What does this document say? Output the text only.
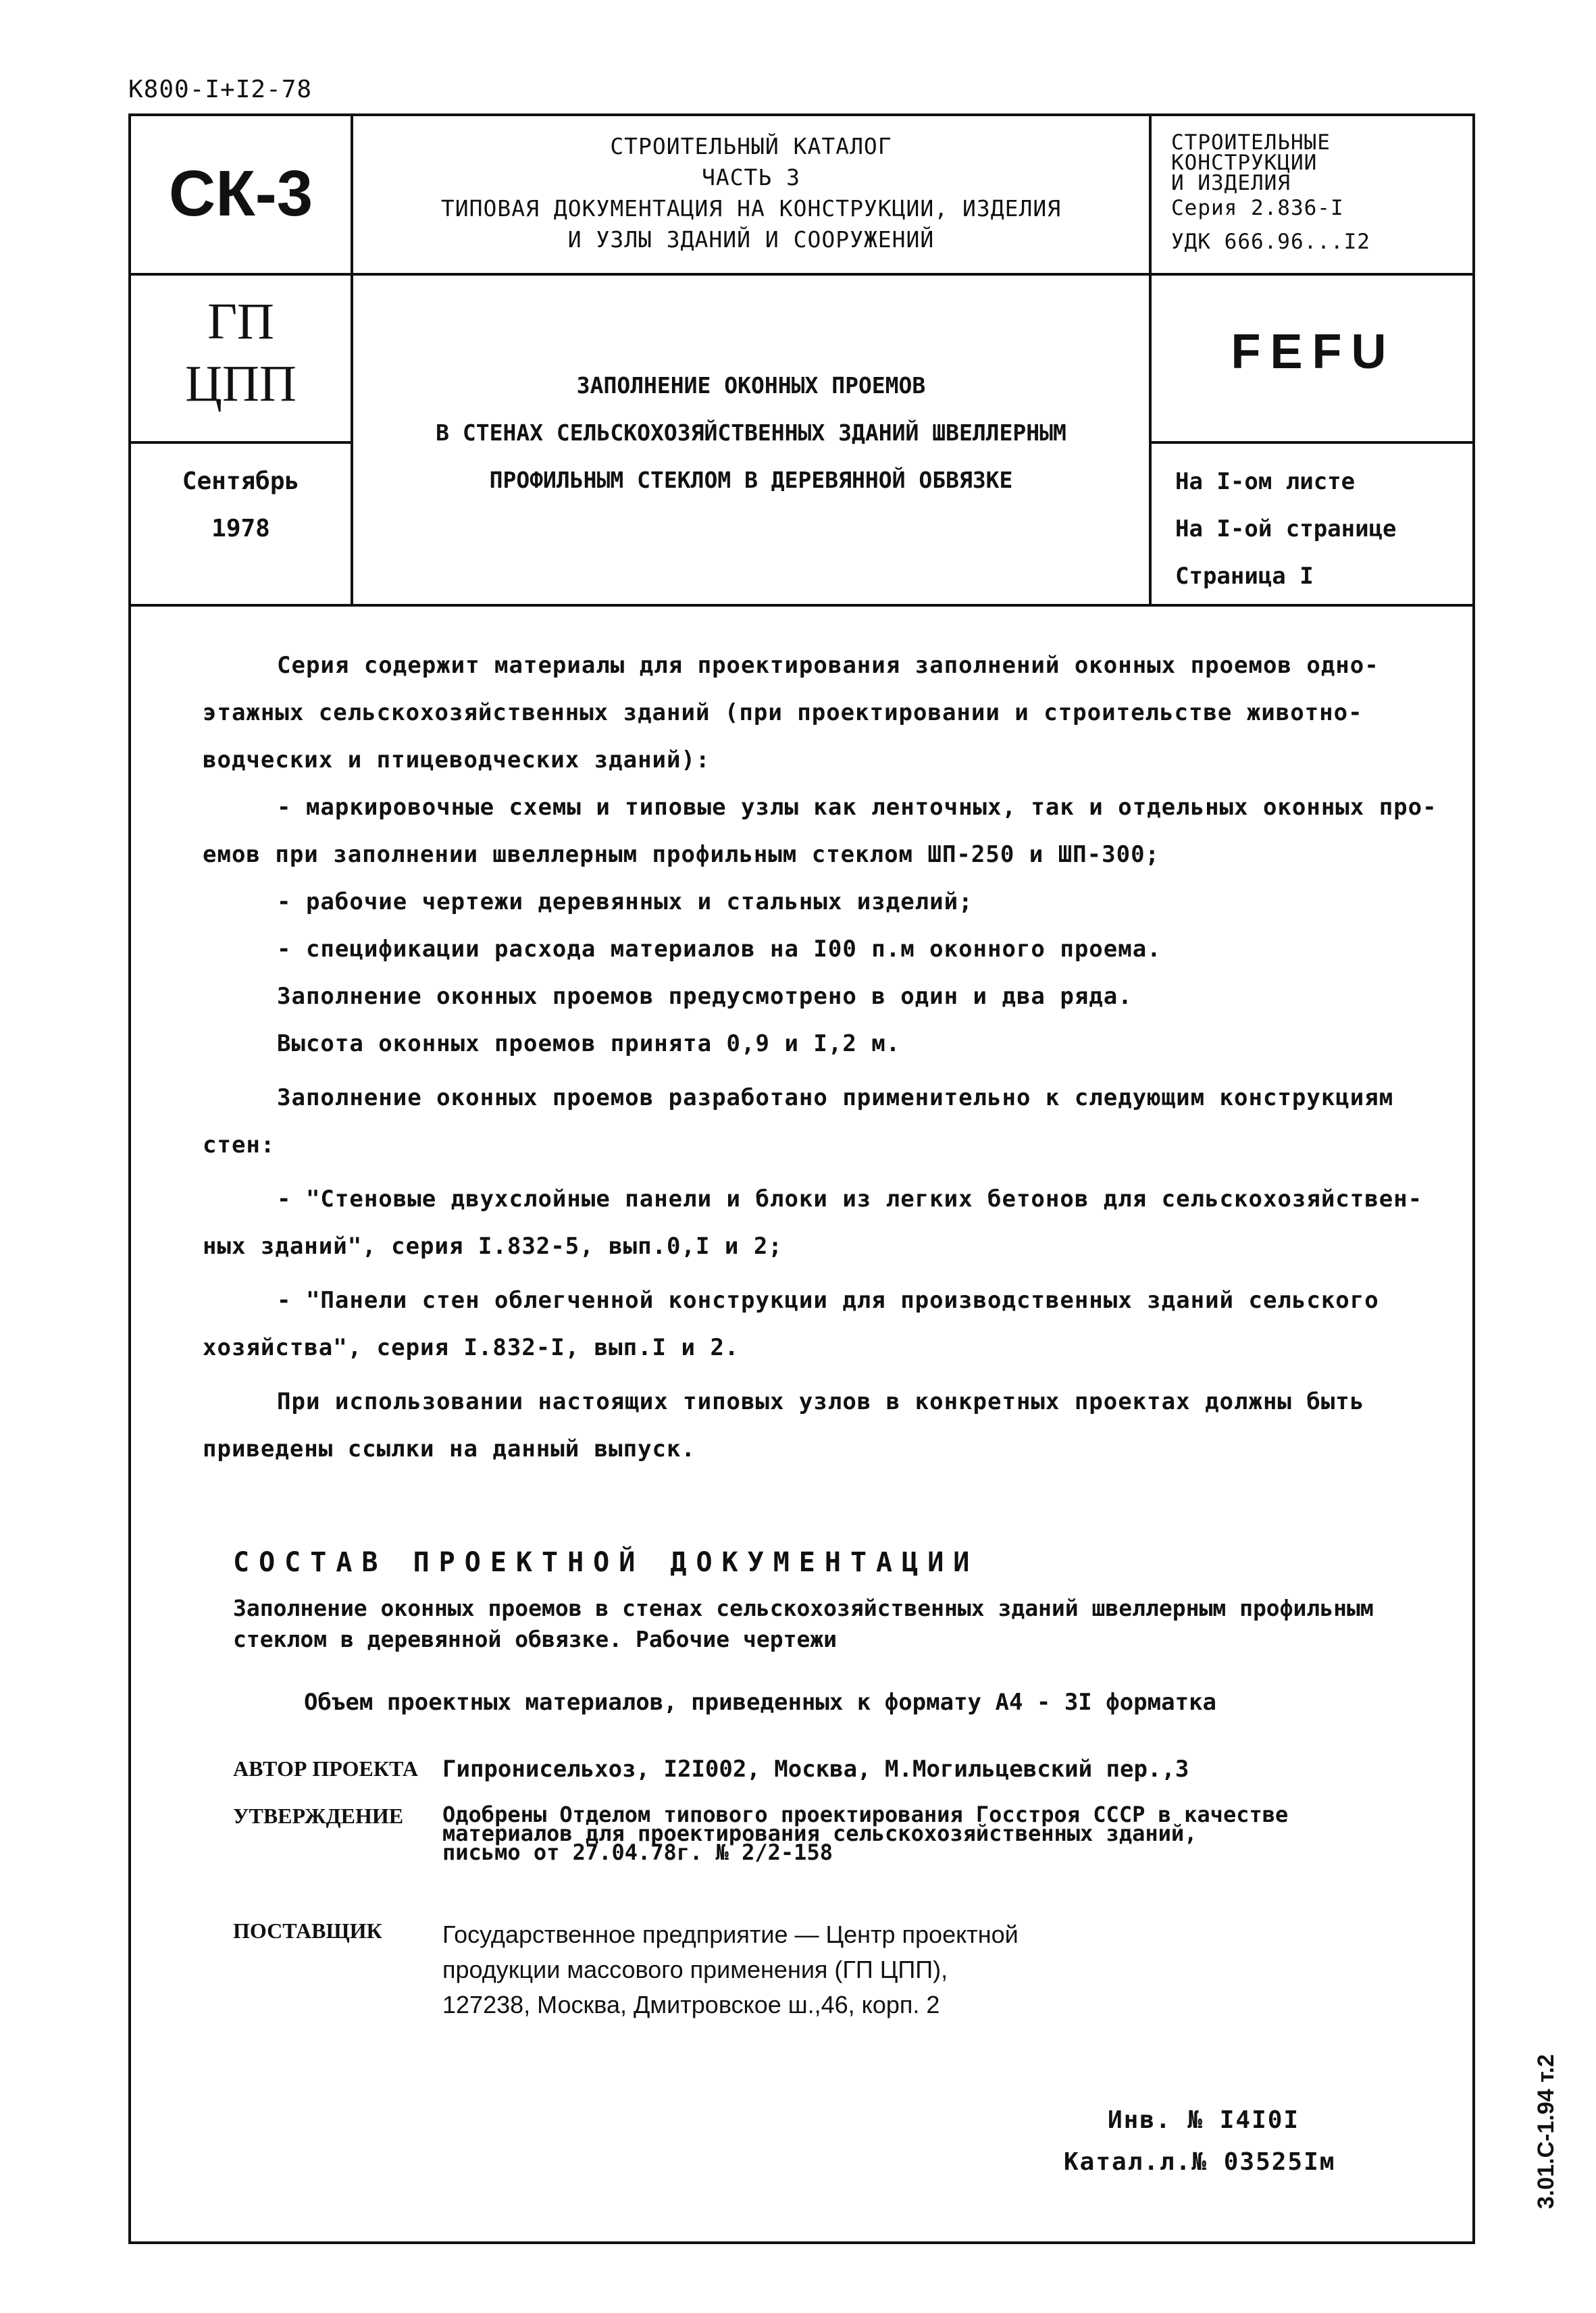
К800-I+I2-78
СК-3
СТРОИТЕЛЬНЫЙ КАТАЛОГ
ЧАСТЬ 3
ТИПОВАЯ ДОКУМЕНТАЦИЯ НА КОНСТРУКЦИИ, ИЗДЕЛИЯ
И УЗЛЫ ЗДАНИЙ И СООРУЖЕНИЙ
СТРОИТЕЛЬНЫЕ
КОНСТРУКЦИИ
И ИЗДЕЛИЯ
Серия 2.836-I
УДК 666.96...I2
ГП
ЦПП
Сентябрь
1978
ЗАПОЛНЕНИЕ ОКОННЫХ ПРОЕМОВ
В СТЕНАХ СЕЛЬСКОХОЗЯЙСТВЕННЫХ ЗДАНИЙ ШВЕЛЛЕРНЫМ
ПРОФИЛЬНЫМ СТЕКЛОМ В ДЕРЕВЯННОЙ ОБВЯЗКЕ
FEFU
На I-ом листе
На I-ой странице
Страница I
Серия содержит материалы для проектирования заполнений оконных проемов одно-
этажных сельскохозяйственных зданий (при проектировании и строительстве животно-
водческих и птицеводческих зданий):
- маркировочные схемы и типовые узлы как ленточных, так и отдельных оконных про-
емов при заполнении швеллерным профильным стеклом ШП-250 и ШП-300;
- рабочие чертежи деревянных и стальных изделий;
- спецификации расхода материалов на I00 п.м оконного проема.
Заполнение оконных проемов предусмотрено в один и два ряда.
Высота оконных проемов принята 0,9 и I,2 м.
Заполнение оконных проемов разработано применительно к следующим конструкциям
стен:
- "Стеновые двухслойные панели и блоки из легких бетонов для сельскохозяйствен-
ных зданий", серия I.832-5, вып.0,I и 2;
- "Панели стен облегченной конструкции для производственных зданий сельского
хозяйства", серия I.832-I, вып.I и 2.
При использовании настоящих типовых узлов в конкретных проектах должны быть
приведены ссылки на данный выпуск.
СОСТАВ ПРОЕКТНОЙ ДОКУМЕНТАЦИИ
Заполнение оконных проемов в стенах сельскохозяйственных зданий швеллерным профильным
стеклом в деревянной обвязке. Рабочие чертежи
Объем проектных материалов, приведенных к формату А4 - 3I форматка
АВТОР ПРОЕКТА Гипронисельхоз, I2I002, Москва, М.Могильцевский пер.,3
УТВЕРЖДЕНИЕ Одобрены Отделом типового проектирования Госстроя СССР в качестве
материалов для проектирования сельскохозяйственных зданий,
письмо от 27.04.78г. № 2/2-158
ПОСТАВЩИК Государственное предприятие — Центр проектной
продукции массового применения (ГП ЦПП),
127238, Москва, Дмитровское ш.,46, корп. 2
Инв. № I4I0I
Катал.л.№ 03525Iм	3.01.С-1.94 т.2
